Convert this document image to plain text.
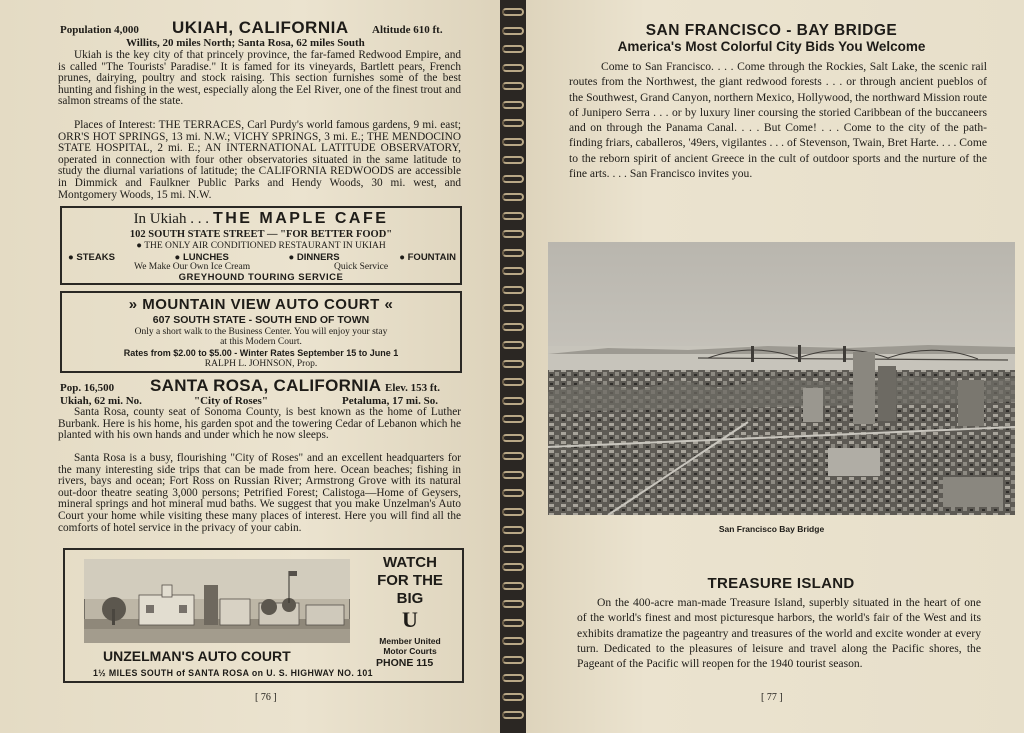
Population 4,000 UKIAH, CALIFORNIA Altitude 610 ft.
Willits, 20 miles North; Santa Rosa, 62 miles South
Ukiah is the key city of that princely province, the far-famed Redwood Empire, and is called "The Tourists' Paradise." It is famed for its vineyards, Bartlett pears, French prunes, dairying, poultry and stock raising. This section furnishes some of the best hunting and fishing in the west, especially along the Eel River, one of the finest trout and salmon streams of the state.
Places of Interest: THE TERRACES, Carl Purdy's world famous gardens, 9 mi. east; ORR'S HOT SPRINGS, 13 mi. N.W.; VICHY SPRINGS, 3 mi. E.; THE MENDOCINO STATE HOSPITAL, 2 mi. E.; AN INTERNATIONAL LATITUDE OBSERVATORY, operated in connection with four other observatories situated in the same latitude to study the diurnal variations of latitude; the CALIFORNIA REDWOODS are accessible in Dimmick and Faulkner Public Parks and Hendy Woods, 30 mi. west, and Montgomery Woods, 15 mi. N.W.
In Ukiah . . . THE MAPLE CAFE
102 SOUTH STATE STREET — "FOR BETTER FOOD"
● THE ONLY AIR CONDITIONED RESTAURANT IN UKIAH
● STEAKS	● LUNCHES	● DINNERS	● FOUNTAIN
We Make Our Own Ice Cream	Quick Service
GREYHOUND TOURING SERVICE
» MOUNTAIN VIEW AUTO COURT «
607 SOUTH STATE - SOUTH END OF TOWN
Only a short walk to the Business Center. You will enjoy your stay
at this Modern Court.
Rates from $2.00 to $5.00 - Winter Rates September 15 to June 1
RALPH L. JOHNSON, Prop.
Pop. 16,500 SANTA ROSA, CALIFORNIA Elev. 153 ft.
Ukiah, 62 mi. No.	"City of Roses"	Petaluma, 17 mi. So.
Santa Rosa, county seat of Sonoma County, is best known as the home of Luther Burbank. Here is his home, his garden spot and the towering Cedar of Lebanon which he planted with his own hands and under which he now sleeps.
Santa Rosa is a busy, flourishing "City of Roses" and an excellent headquarters for the many interesting side trips that can be made from here. Ocean beaches; fishing in rivers, bays and ocean; Fort Ross on Russian River; Armstrong Grove with its natural out-door theatre seating 3,000 persons; Petrified Forest; Calistoga—Home of Geysers, mineral springs and hot mineral mud baths. We suggest that you make Unzelman's Auto Court your home while visiting these many places of interest. Here you will find all the comforts of hotel service in the privacy of your cabin.
WATCH
FOR THE
BIG
U
Member United
Motor Courts
UNZELMAN'S AUTO COURT	PHONE 115
1½ MILES SOUTH of SANTA ROSA on U. S. HIGHWAY NO. 101
[ 76 ]
SAN FRANCISCO - BAY BRIDGE
America's Most Colorful City Bids You Welcome
Come to San Francisco. . . . Come through the Rockies, Salt Lake, the scenic rail routes from the Northwest, the giant redwood forests . . . or through ancient pueblos of the Southwest, Grand Canyon, northern Mexico, Hollywood, the northward Mission route of Junipero Serra . . . or by luxury liner coursing the storied Caribbean of the buccaneers and on through the Panama Canal. . . . But Come! . . . Come to the city of the path-finding friars, caballeros, '49ers, vigilantes . . . of Stevenson, Twain, Bret Harte. . . . Come to the reborn spirit of ancient Greece in the cult of outdoor sports and the nurture of the fine arts. . . . San Francisco invites you.
San Francisco Bay Bridge
TREASURE ISLAND
On the 400-acre man-made Treasure Island, superbly situated in the heart of one of the world's finest and most picturesque harbors, the world's fair of the West and its exhibits dramatize the pageantry and treasures of the world and excite wonder at every turn. Dedicated to the pleasures of leisure and travel along the Pacific shores, the Pageant of the Pacific will reopen for the 1940 tourist season.
[ 77 ]
